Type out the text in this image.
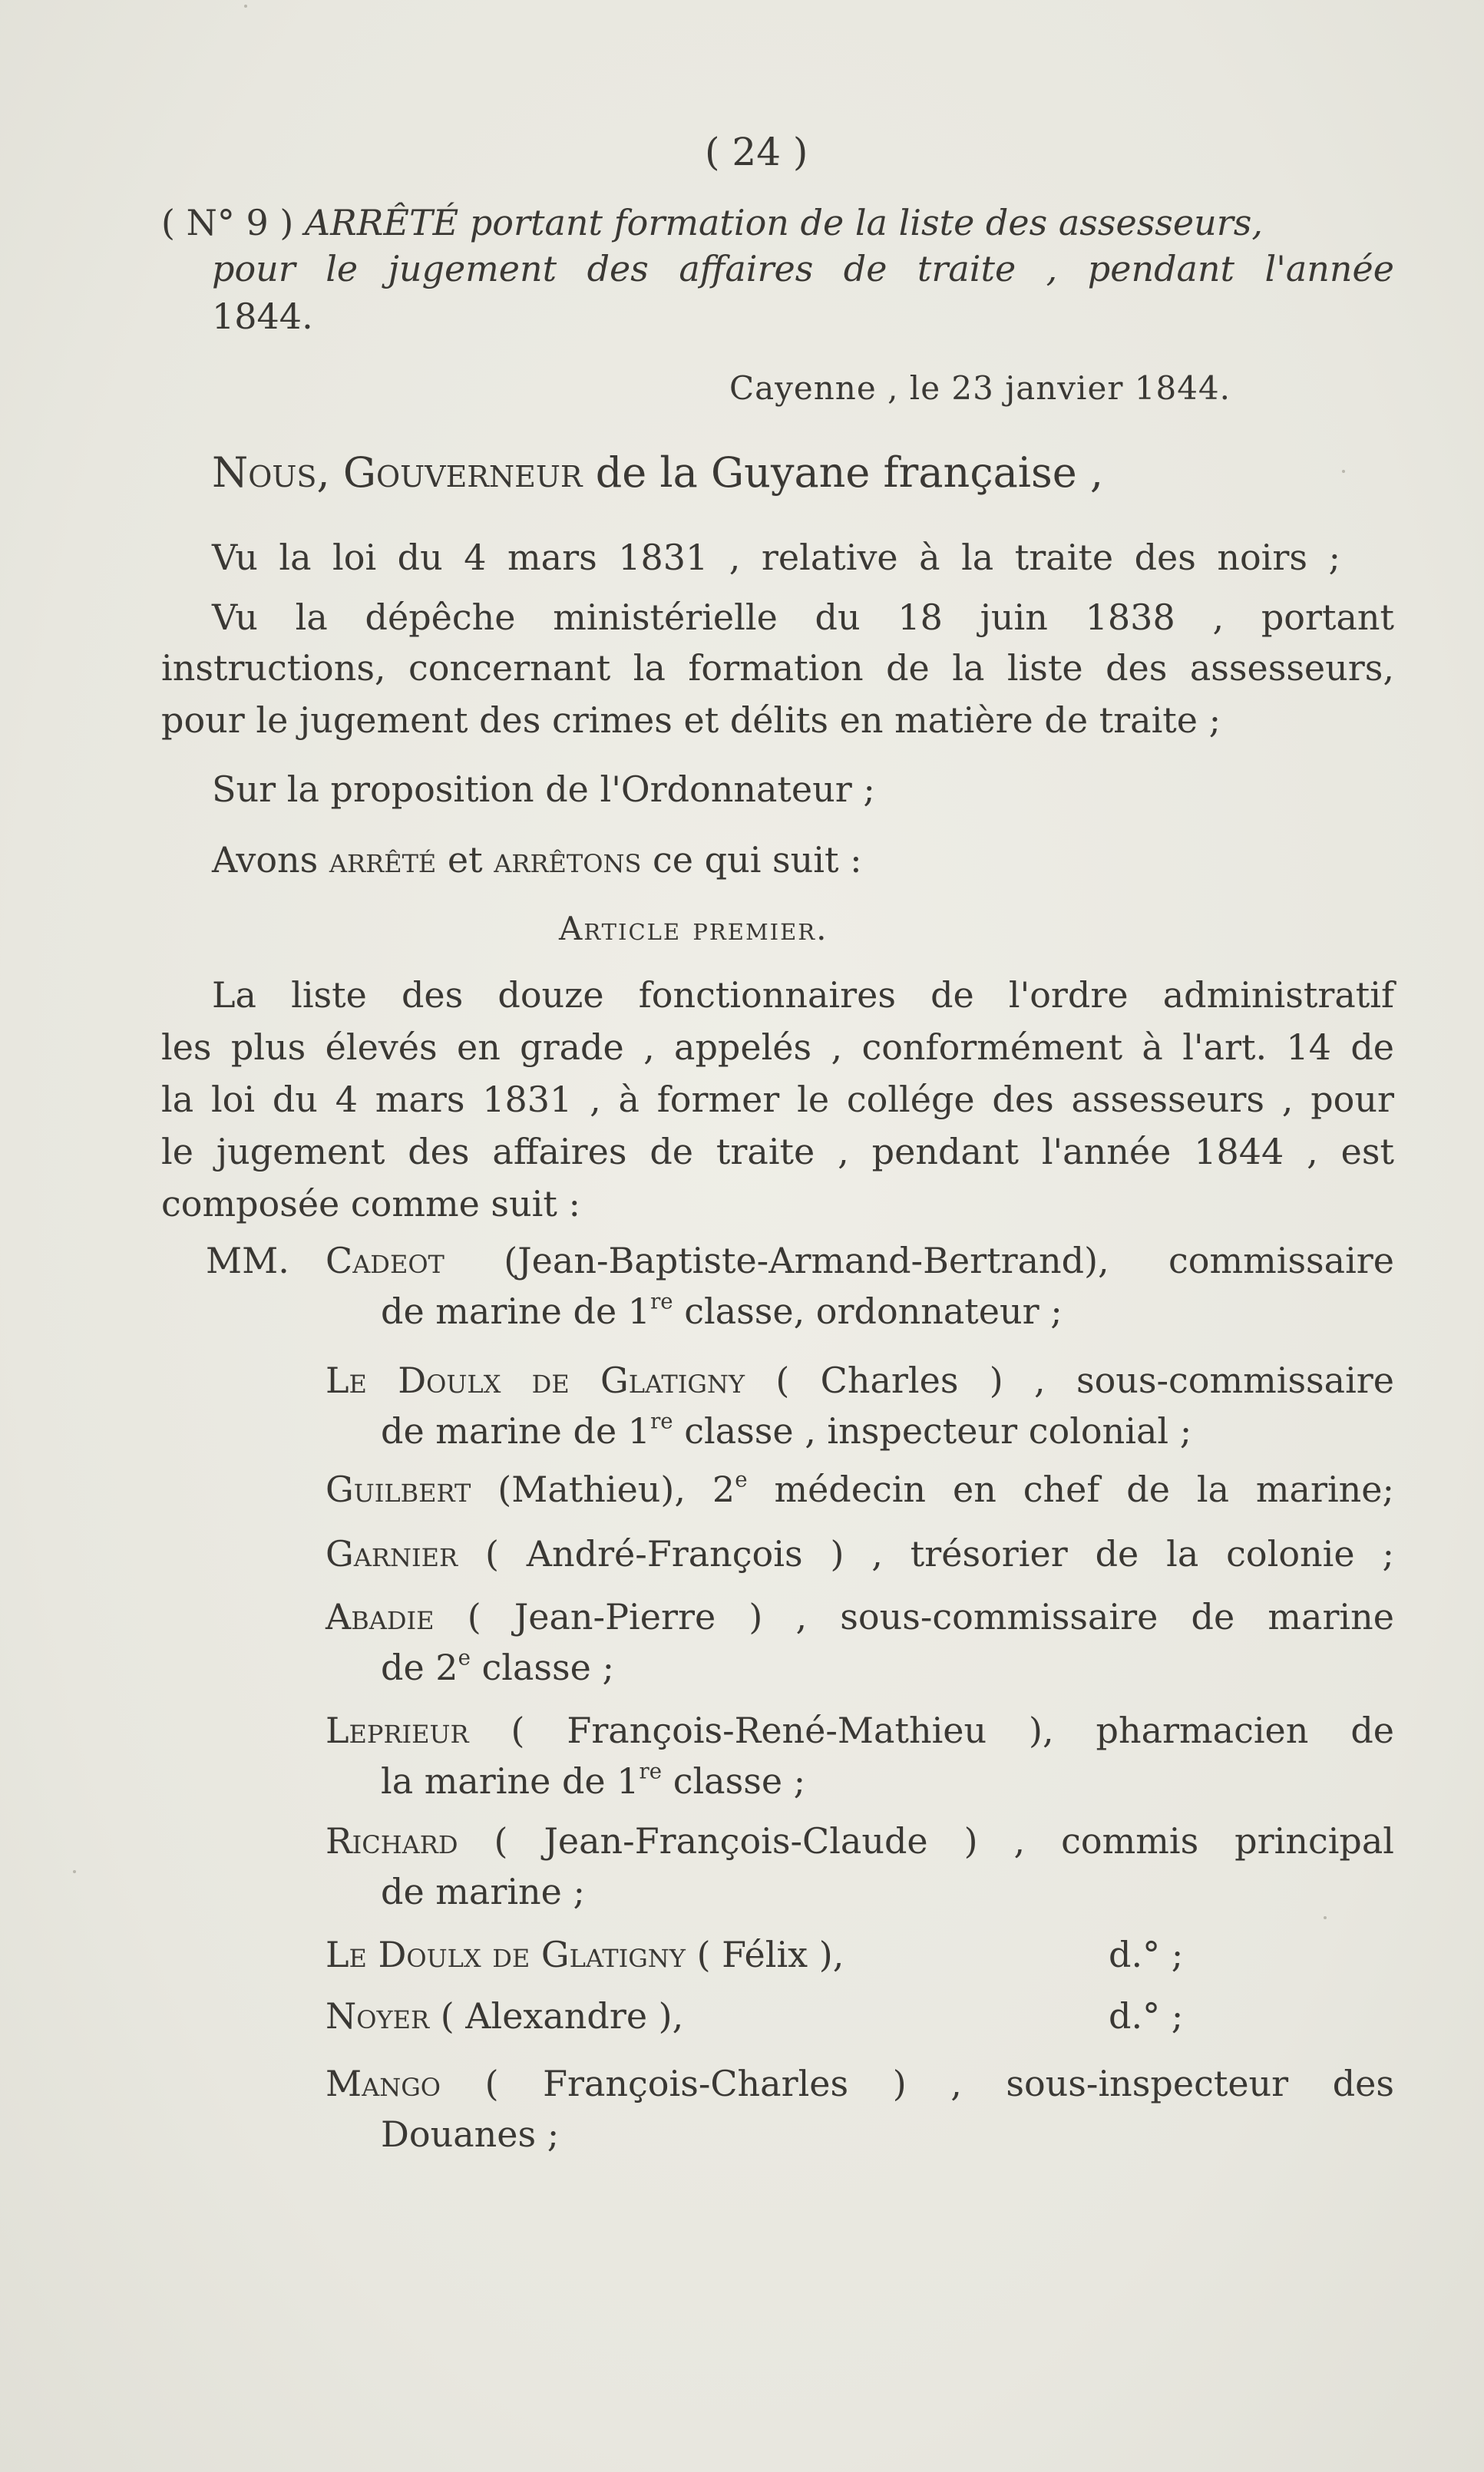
( 24 )
( N° 9 ) ARRÊTÉ portant formation de la liste des assesseurs,
pour le jugement des affaires de traite , pendant l'année
1844.
Cayenne , le 23 janvier 1844.
Nous, Gouverneur de la Guyane française ,
Vu la loi du 4 mars 1831 , relative à la traite des noirs ;
Vu la dépêche ministérielle du 18 juin 1838 , portant
instructions, concernant la formation de la liste des assesseurs,
pour le jugement des crimes et délits en matière de traite ;
Sur la proposition de l'Ordonnateur ;
Avons arrêté et arrêtons ce qui suit :
Article premier.
La liste des douze fonctionnaires de l'ordre administratif
les plus élevés en grade , appelés , conformément à l'art. 14 de
la loi du 4 mars 1831 , à former le collége des assesseurs , pour
le jugement des affaires de traite , pendant l'année 1844 , est
composée comme suit :
MM. Cadeot (Jean-Baptiste-Armand-Bertrand), commissaire
de marine de 1re classe, ordonnateur ;
Le Doulx de Glatigny ( Charles ) , sous-commissaire
de marine de 1re classe , inspecteur colonial ;
Guilbert (Mathieu), 2e médecin en chef de la marine;
Garnier ( André-François ) , trésorier de la colonie ;
Abadie ( Jean-Pierre ) , sous-commissaire de marine
de 2e classe ;
Leprieur ( François-René-Mathieu ), pharmacien de
la marine de 1re classe ;
Richard ( Jean-François-Claude ) , commis principal
de marine ;
Le Doulx de Glatigny ( Félix ),	d.° ;
Noyer ( Alexandre ),	d.° ;
Mango ( François-Charles ) , sous-inspecteur des
Douanes ;
